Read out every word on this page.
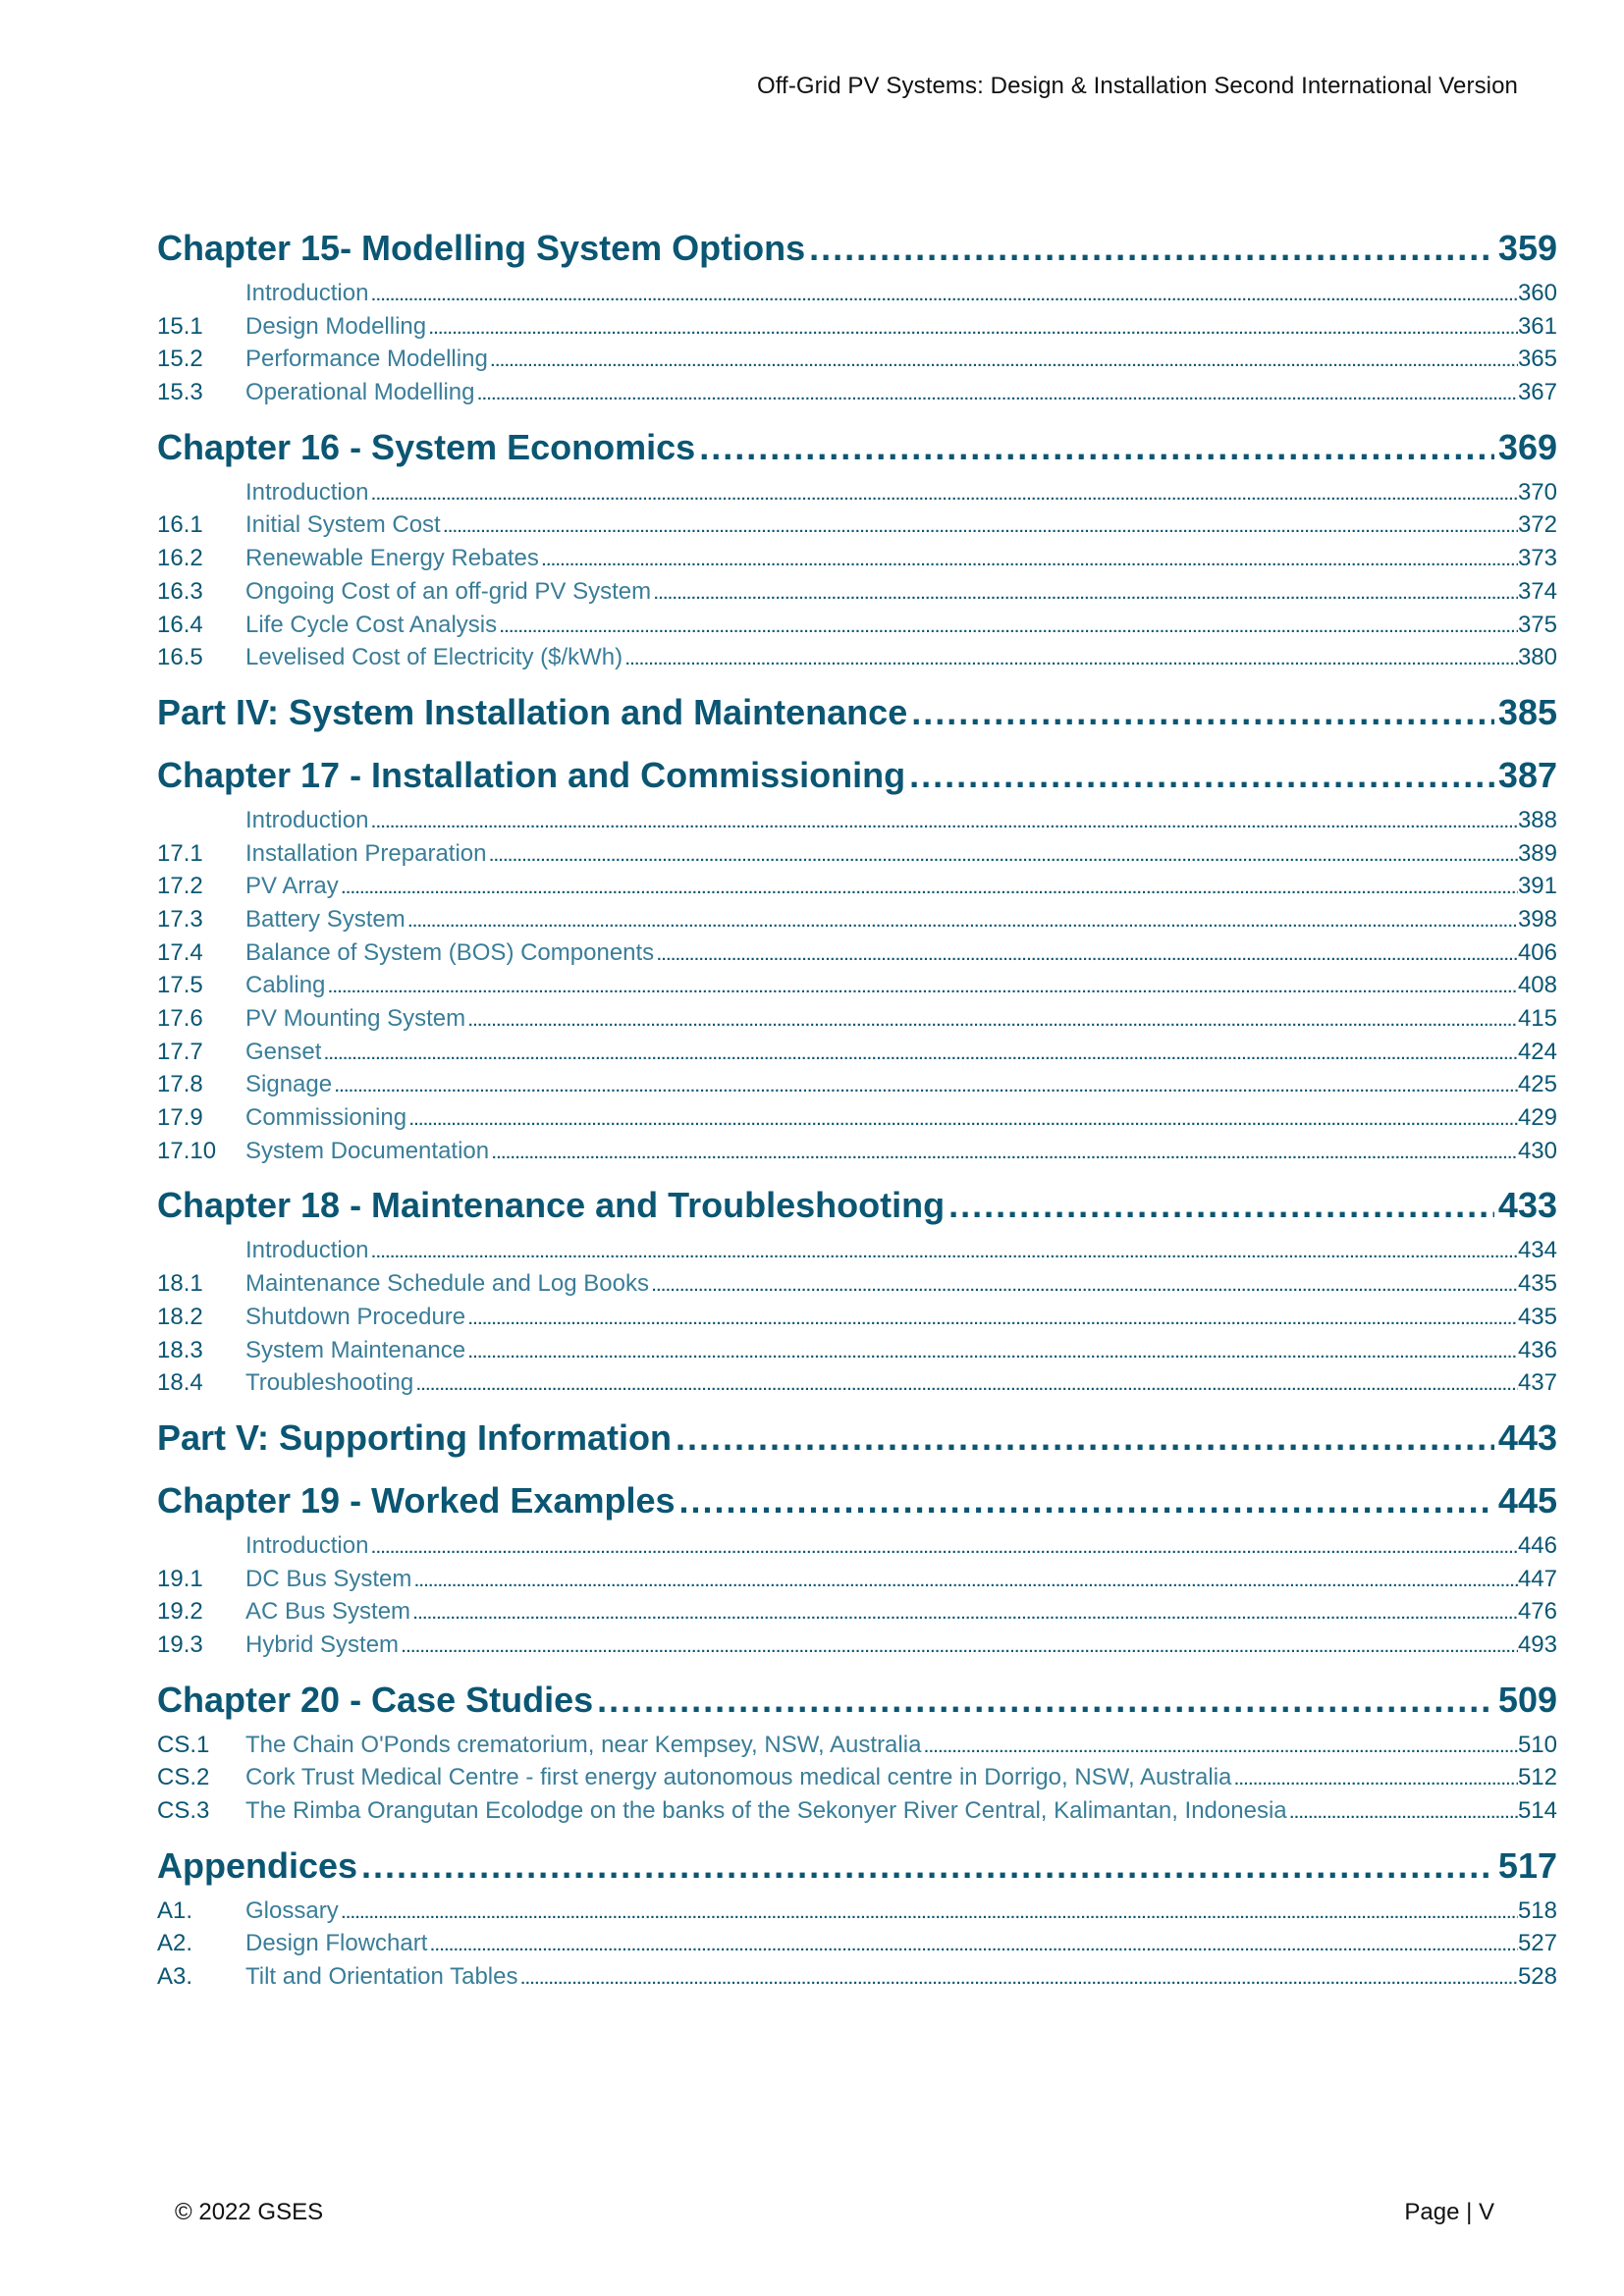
Off-Grid PV Systems: Design & Installation Second International Version
Chapter 15- Modelling System Options .....	359
Introduction .....	360
15.1	Design Modelling .....	361
15.2	Performance Modelling .....	365
15.3	Operational Modelling .....	367
Chapter 16 - System Economics .....	369
Introduction .....	370
16.1	Initial System Cost .....	372
16.2	Renewable Energy Rebates .....	373
16.3	Ongoing Cost of an off-grid PV System .....	374
16.4	Life Cycle Cost Analysis .....	375
16.5	Levelised Cost of Electricity ($/kWh) .....	380
Part IV: System Installation and Maintenance .....	385
Chapter 17 - Installation and Commissioning .....	387
Introduction .....	388
17.1	Installation Preparation .....	389
17.2	PV Array .....	391
17.3	Battery System .....	398
17.4	Balance of System (BOS) Components .....	406
17.5	Cabling .....	408
17.6	PV Mounting System .....	415
17.7	Genset .....	424
17.8	Signage .....	425
17.9	Commissioning .....	429
17.10	System Documentation .....	430
Chapter 18 - Maintenance and Troubleshooting .....	433
Introduction .....	434
18.1	Maintenance Schedule and Log Books .....	435
18.2	Shutdown Procedure .....	435
18.3	System Maintenance .....	436
18.4	Troubleshooting .....	437
Part V: Supporting Information .....	443
Chapter 19 - Worked Examples .....	445
Introduction .....	446
19.1	DC Bus System .....	447
19.2	AC Bus System .....	476
19.3	Hybrid System .....	493
Chapter 20 - Case Studies .....	509
CS.1	The Chain O'Ponds crematorium, near Kempsey, NSW, Australia .....	510
CS.2	Cork Trust Medical Centre - first energy autonomous medical centre in Dorrigo, NSW, Australia .....	512
CS.3	The Rimba Orangutan Ecolodge on the banks of the Sekonyer River Central, Kalimantan, Indonesia .....	514
Appendices .....	517
A1.	Glossary .....	518
A2.	Design Flowchart .....	527
A3.	Tilt and Orientation Tables .....	528
© 2022 GSES	Page | V
